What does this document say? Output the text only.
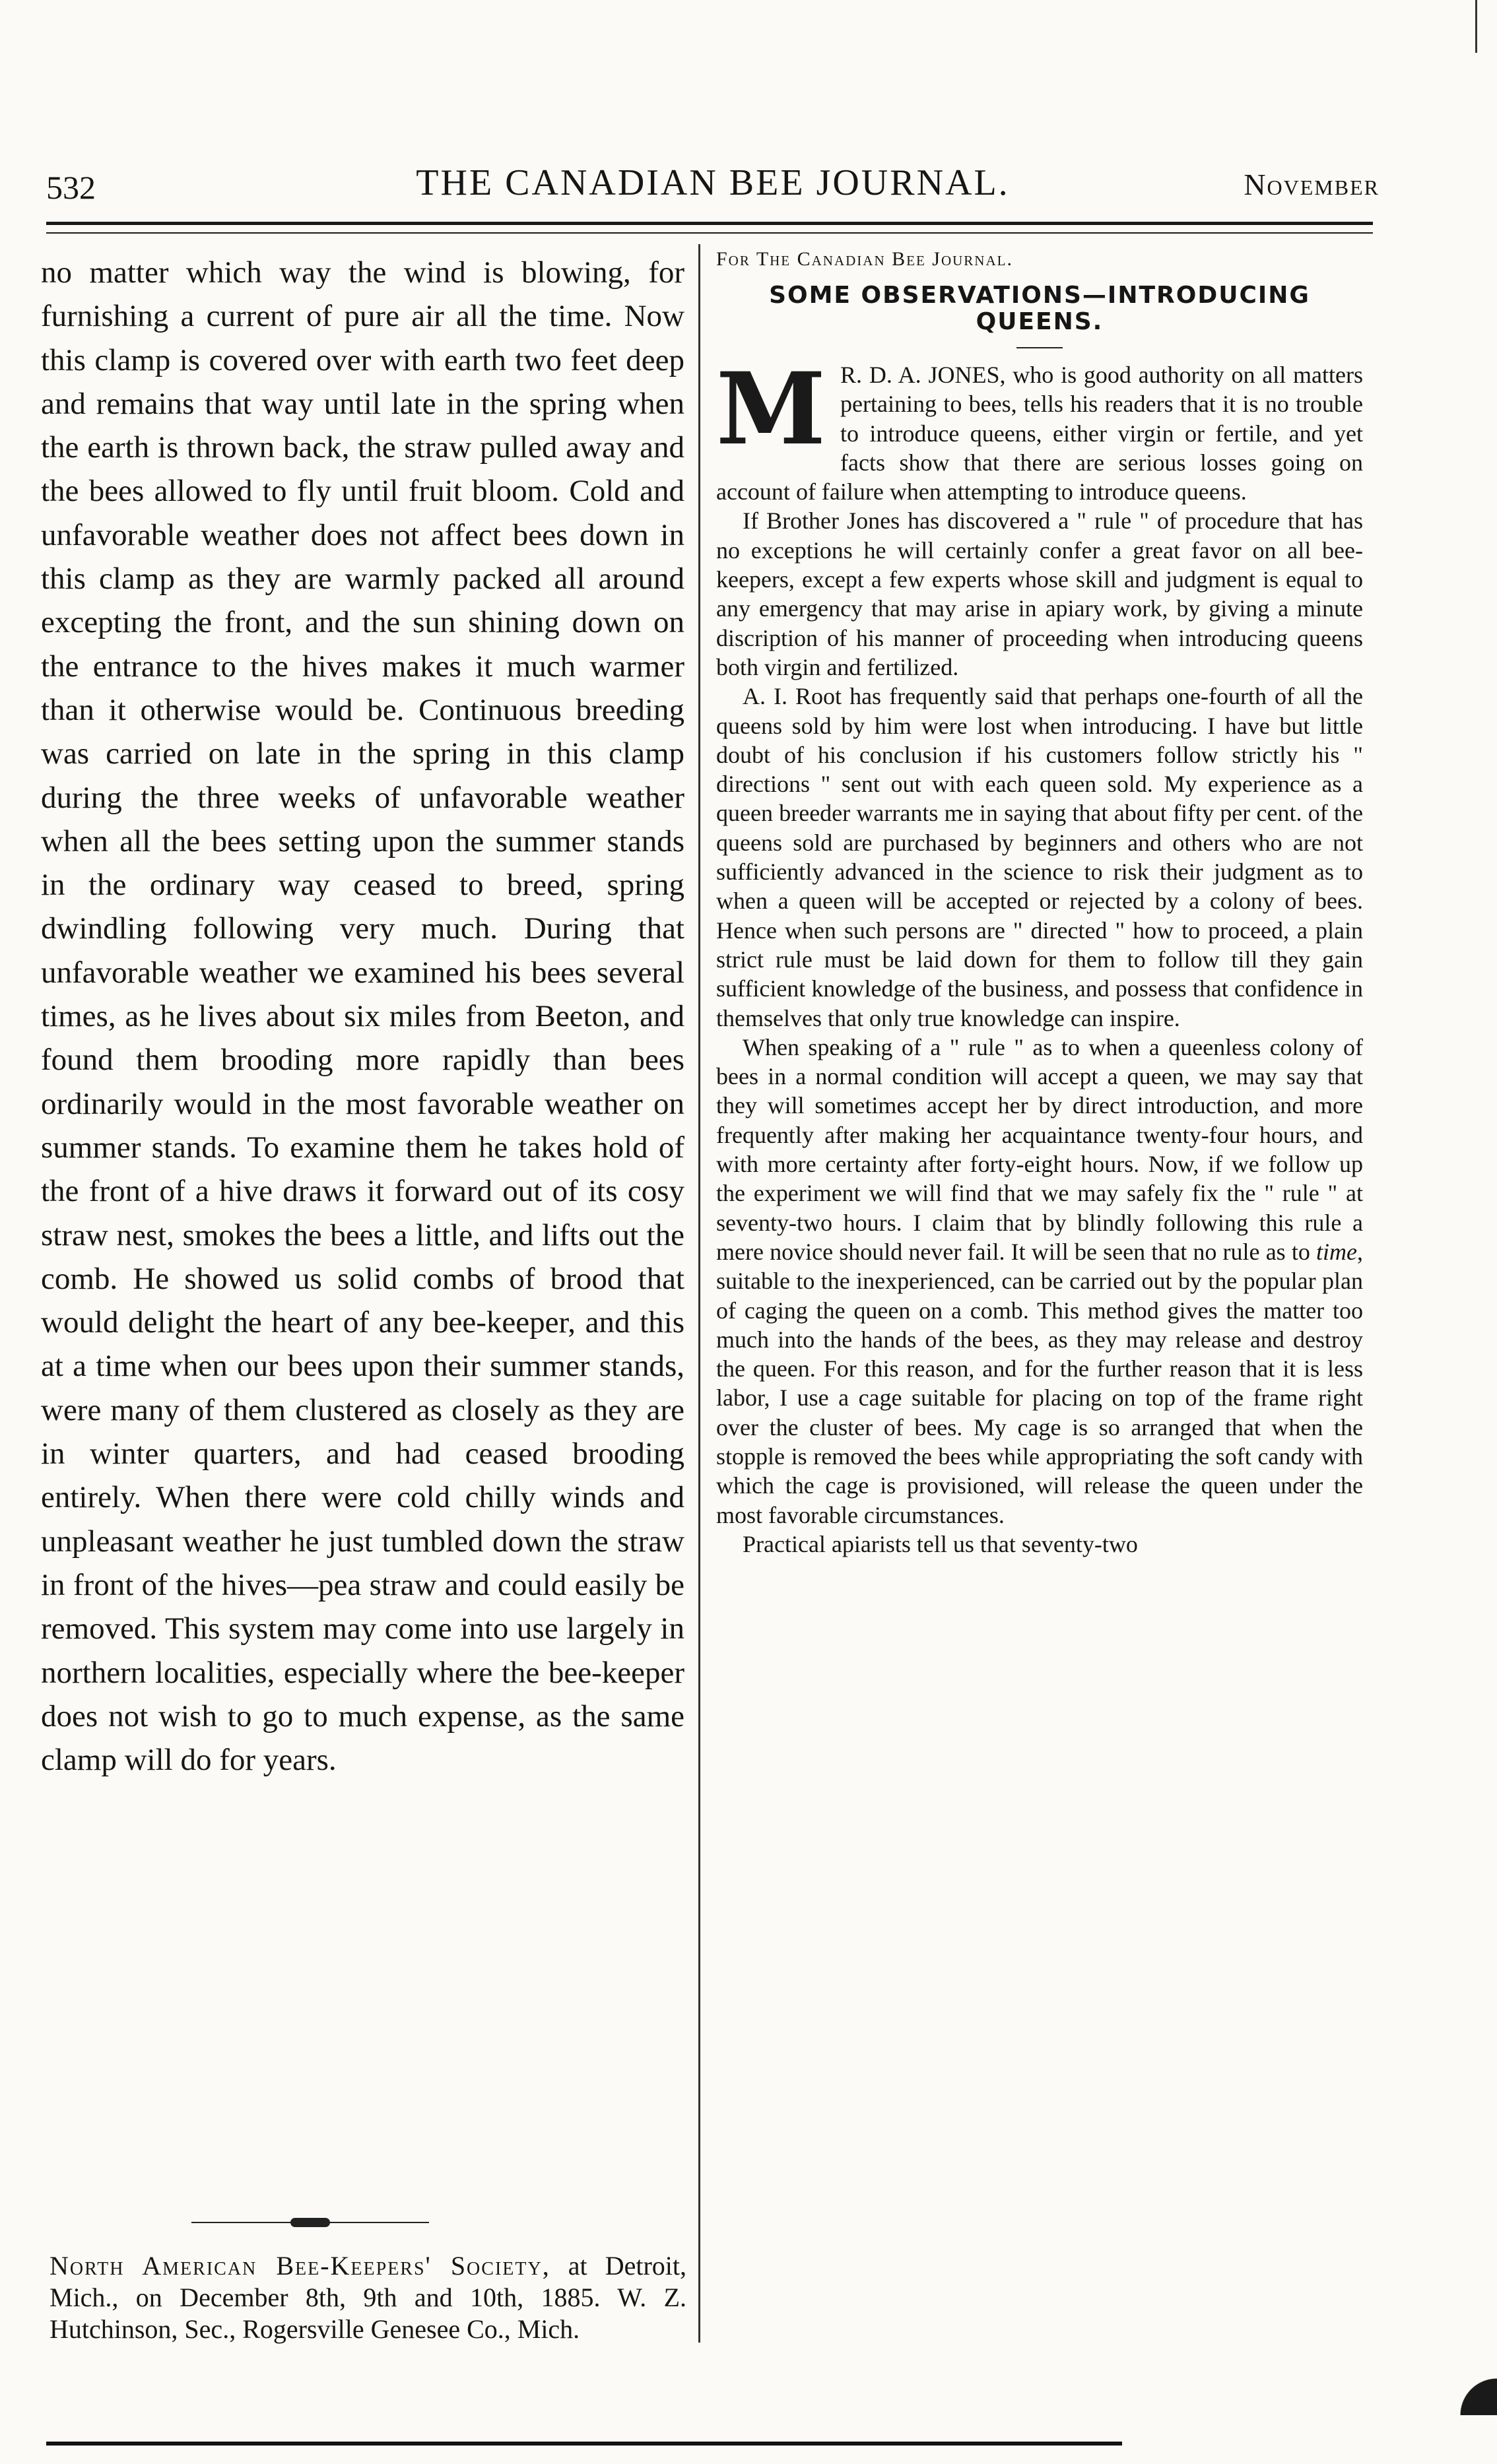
532	THE CANADIAN BEE JOURNAL.	November

no matter which way the wind is blowing, for furnishing a current of pure air all the time. Now this clamp is covered over with earth two feet deep and remains that way until late in the spring when the earth is thrown back, the straw pulled away and the bees allowed to fly until fruit bloom. Cold and unfavorable weather does not affect bees down in this clamp as they are warmly packed all around excepting the front, and the sun shining down on the entrance to the hives makes it much warmer than it otherwise would be. Continuous breeding was carried on late in the spring in this clamp during the three weeks of unfavorable weather when all the bees setting upon the summer stands in the ordinary way ceased to breed, spring dwindling following very much. During that unfavorable weather we examined his bees several times, as he lives about six miles from Beeton, and found them brooding more rapidly than bees ordinarily would in the most favorable weather on summer stands. To examine them he takes hold of the front of a hive draws it forward out of its cosy straw nest, smokes the bees a little, and lifts out the comb. He showed us solid combs of brood that would delight the heart of any bee-keeper, and this at a time when our bees upon their summer stands, were many of them clustered as closely as they are in winter quarters, and had ceased brooding entirely. When there were cold chilly winds and unpleasant weather he just tumbled down the straw in front of the hives—pea straw and could easily be removed. This system may come into use largely in northern localities, especially where the bee-keeper does not wish to go to much expense, as the same clamp will do for years.

North American Bee-Keepers' Society, at Detroit, Mich., on December 8th, 9th and 10th, 1885. W. Z. Hutchinson, Sec., Rogersville Genesee Co., Mich.

For The Canadian Bee Journal.
SOME OBSERVATIONS—INTRODUCING
QUEENS.

M R. D. A. JONES, who is good authority on all matters pertaining to bees, tells his readers that it is no trouble to introduce queens, either virgin or fertile, and yet facts show that there are serious losses going on account of failure when attempting to introduce queens.

If Brother Jones has discovered a " rule " of procedure that has no exceptions he will certainly confer a great favor on all bee-keepers, except a few experts whose skill and judgment is equal to any emergency that may arise in apiary work, by giving a minute discription of his manner of proceeding when introducing queens both virgin and fertilized.

A. I. Root has frequently said that perhaps one-fourth of all the queens sold by him were lost when introducing. I have but little doubt of his conclusion if his customers follow strictly his " directions " sent out with each queen sold. My experience as a queen breeder warrants me in saying that about fifty per cent. of the queens sold are purchased by beginners and others who are not sufficiently advanced in the science to risk their judgment as to when a queen will be accepted or rejected by a colony of bees. Hence when such persons are " directed " how to proceed, a plain strict rule must be laid down for them to follow till they gain sufficient knowledge of the business, and possess that confidence in themselves that only true knowledge can inspire.

When speaking of a " rule " as to when a queenless colony of bees in a normal condition will accept a queen, we may say that they will sometimes accept her by direct introduction, and more frequently after making her acquaintance twenty-four hours, and with more certainty after forty-eight hours. Now, if we follow up the experiment we will find that we may safely fix the " rule " at seventy-two hours. I claim that by blindly following this rule a mere novice should never fail. It will be seen that no rule as to time, suitable to the inexperienced, can be carried out by the popular plan of caging the queen on a comb. This method gives the matter too much into the hands of the bees, as they may release and destroy the queen. For this reason, and for the further reason that it is less labor, I use a cage suitable for placing on top of the frame right over the cluster of bees. My cage is so arranged that when the stopple is removed the bees while appropriating the soft candy with which the cage is provisioned, will release the queen under the most favorable circumstances.

Practical apiarists tell us that seventy-two
